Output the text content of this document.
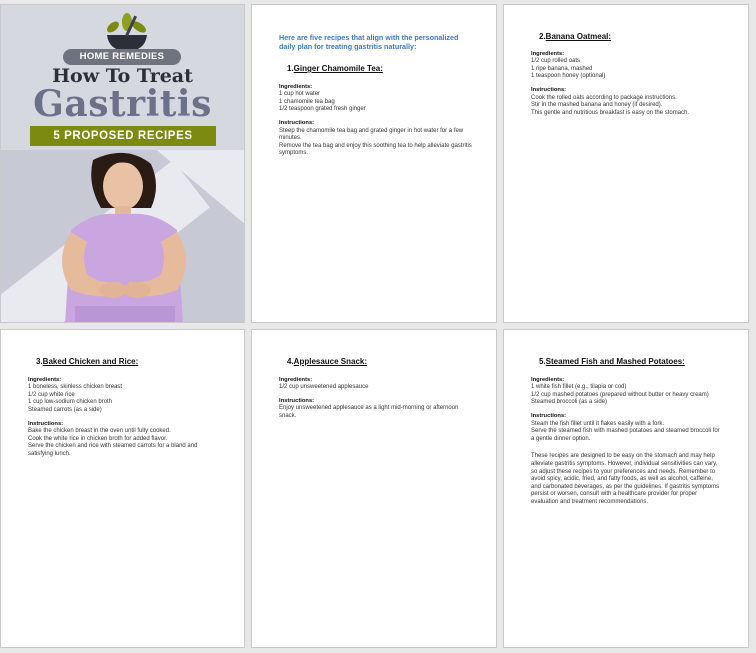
HOME REMEDIES
How To Treat
Gastritis
5 PROPOSED RECIPES
Here are five recipes that align with the personalized daily plan for treating gastritis naturally:
1.Ginger Chamomile Tea:
Ingredients:
1 cup hot water
1 chamomile tea bag
1/2 teaspoon grated fresh ginger
Instructions:
Steep the chamomile tea bag and grated ginger in hot water for a few minutes.
Remove the tea bag and enjoy this soothing tea to help alleviate gastritis symptoms.
2.Banana Oatmeal:
Ingredients:
1/2 cup rolled oats
1 ripe banana, mashed
1 teaspoon honey (optional)
Instructions:
Cook the rolled oats according to package instructions.
Stir in the mashed banana and honey (if desired).
This gentle and nutritious breakfast is easy on the stomach.
3.Baked Chicken and Rice:
Ingredients:
1 boneless, skinless chicken breast
1/2 cup white rice
1 cup low-sodium chicken broth
Steamed carrots (as a side)
Instructions:
Bake the chicken breast in the oven until fully cooked.
Cook the white rice in chicken broth for added flavor.
Serve the chicken and rice with steamed carrots for a bland and satisfying lunch.
4.Applesauce Snack:
Ingredients:
1/2 cup unsweetened applesauce
Instructions:
Enjoy unsweetened applesauce as a light mid-morning or afternoon snack.
5.Steamed Fish and Mashed Potatoes:
Ingredients:
1 white fish fillet (e.g., tilapia or cod)
1/2 cup mashed potatoes (prepared without butter or heavy cream)
Steamed broccoli (as a side)
Instructions:
Steam the fish fillet until it flakes easily with a fork.
Serve the steamed fish with mashed potatoes and steamed broccoli for a gentle dinner option.
These recipes are designed to be easy on the stomach and may help alleviate gastritis symptoms. However, individual sensitivities can vary, so adjust these recipes to your preferences and needs. Remember to avoid spicy, acidic, fried, and fatty foods, as well as alcohol, caffeine, and carbonated beverages, as per the guidelines. If gastritis symptoms persist or worsen, consult with a healthcare provider for proper evaluation and treatment recommendations.
